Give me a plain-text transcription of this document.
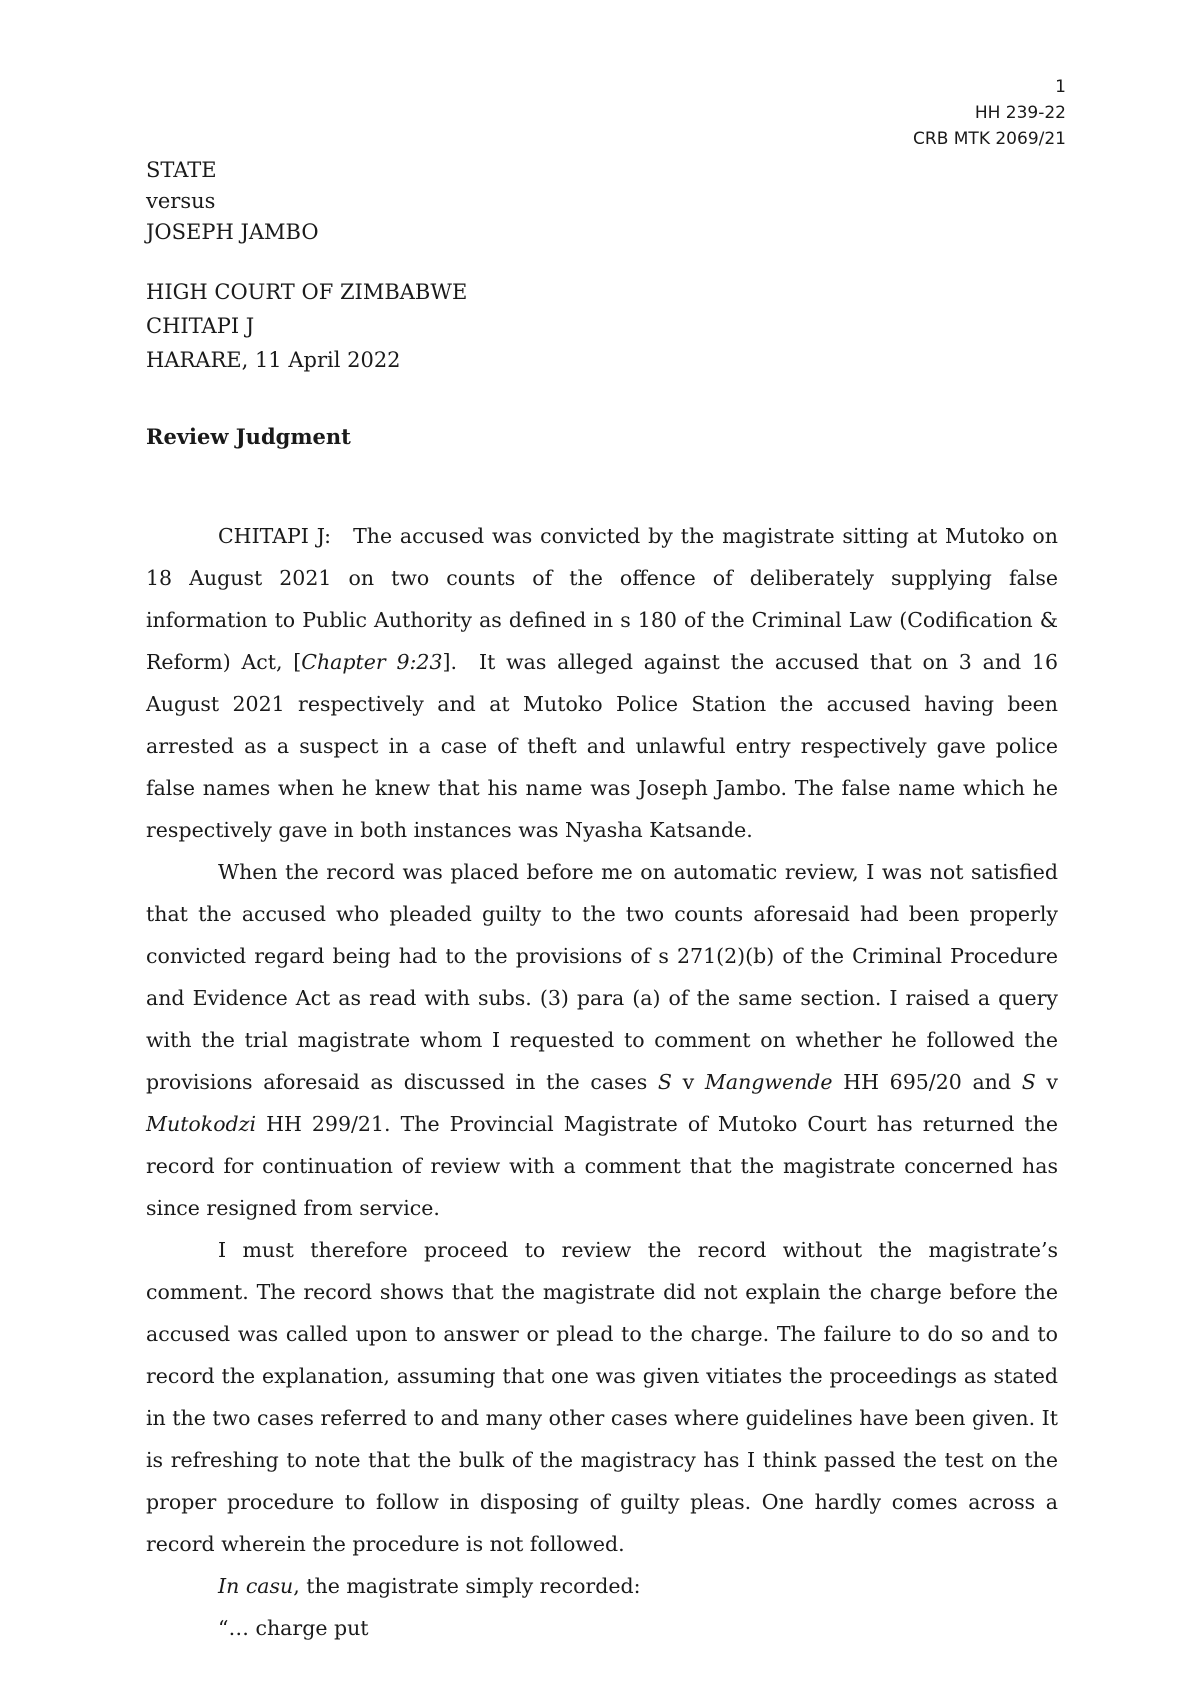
1
HH 239-22
CRB MTK 2069/21
STATE
versus
JOSEPH JAMBO
HIGH COURT OF ZIMBABWE
CHITAPI J
HARARE, 11 April 2022
Review Judgment

CHITAPI J: The accused was convicted by the magistrate sitting at Mutoko on 18 August 2021 on two counts of the offence of deliberately supplying false information to Public Authority as defined in s 180 of the Criminal Law (Codification & Reform) Act, [Chapter 9:23]. It was alleged against the accused that on 3 and 16 August 2021 respectively and at Mutoko Police Station the accused having been arrested as a suspect in a case of theft and unlawful entry respectively gave police false names when he knew that his name was Joseph Jambo. The false name which he respectively gave in both instances was Nyasha Katsande.

When the record was placed before me on automatic review, I was not satisfied that the accused who pleaded guilty to the two counts aforesaid had been properly convicted regard being had to the provisions of s 271(2)(b) of the Criminal Procedure and Evidence Act as read with subs. (3) para (a) of the same section. I raised a query with the trial magistrate whom I requested to comment on whether he followed the provisions aforesaid as discussed in the cases S v Mangwende HH 695/20 and S v Mutokodzi HH 299/21. The Provincial Magistrate of Mutoko Court has returned the record for continuation of review with a comment that the magistrate concerned has since resigned from service.

I must therefore proceed to review the record without the magistrate’s comment. The record shows that the magistrate did not explain the charge before the accused was called upon to answer or plead to the charge. The failure to do so and to record the explanation, assuming that one was given vitiates the proceedings as stated in the two cases referred to and many other cases where guidelines have been given. It is refreshing to note that the bulk of the magistracy has I think passed the test on the proper procedure to follow in disposing of guilty pleas. One hardly comes across a record wherein the procedure is not followed.

In casu, the magistrate simply recorded:

“… charge put
